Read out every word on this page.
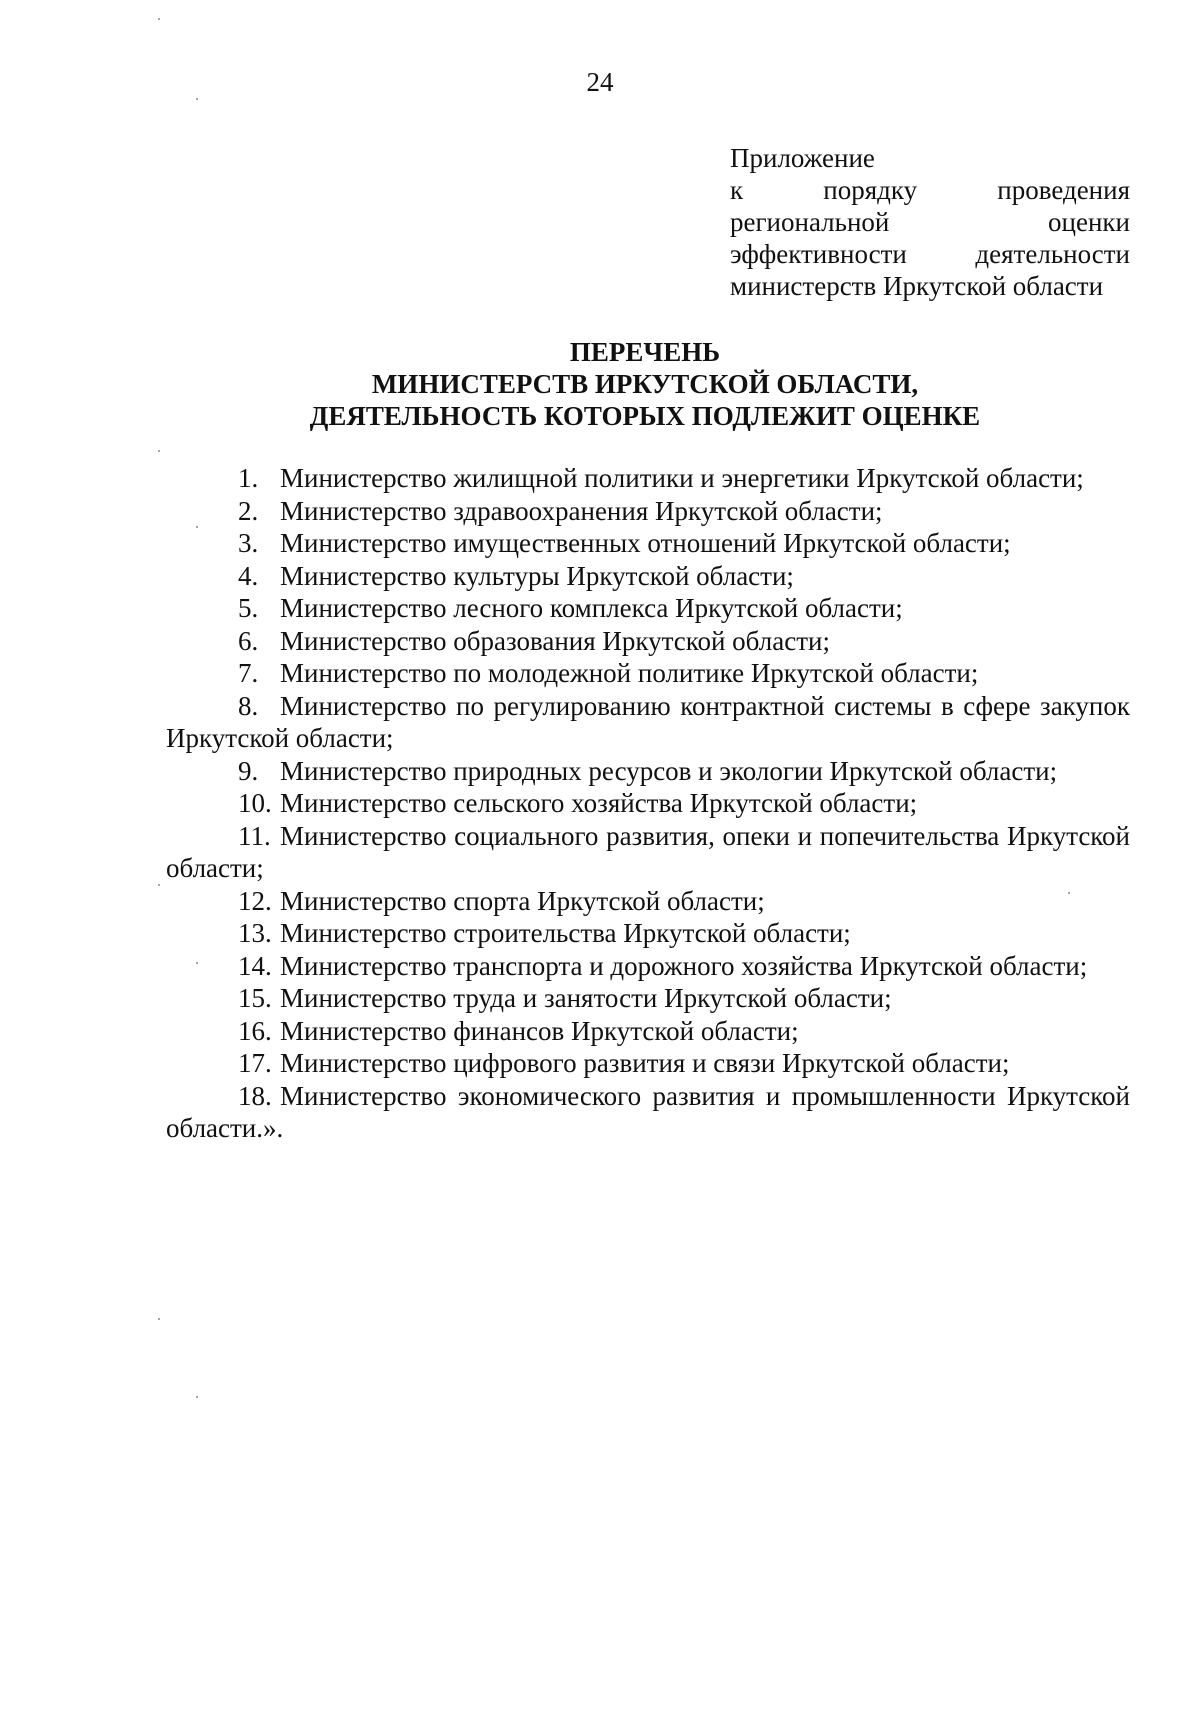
24
Приложение
к порядку проведения
региональной оценки
эффективности деятельности
министерств Иркутской области
ПЕРЕЧЕНЬ
МИНИСТЕРСТВ ИРКУТСКОЙ ОБЛАСТИ,
ДЕЯТЕЛЬНОСТЬ КОТОРЫХ ПОДЛЕЖИТ ОЦЕНКЕ
1. Министерство жилищной политики и энергетики Иркутской области;
2. Министерство здравоохранения Иркутской области;
3. Министерство имущественных отношений Иркутской области;
4. Министерство культуры Иркутской области;
5. Министерство лесного комплекса Иркутской области;
6. Министерство образования Иркутской области;
7. Министерство по молодежной политике Иркутской области;
8. Министерство по регулированию контрактной системы в сфере закупок Иркутской области;
9. Министерство природных ресурсов и экологии Иркутской области;
10. Министерство сельского хозяйства Иркутской области;
11. Министерство социального развития, опеки и попечительства Иркутской области;
12. Министерство спорта Иркутской области;
13. Министерство строительства Иркутской области;
14. Министерство транспорта и дорожного хозяйства Иркутской области;
15. Министерство труда и занятости Иркутской области;
16. Министерство финансов Иркутской области;
17. Министерство цифрового развития и связи Иркутской области;
18. Министерство экономического развития и промышленности Иркутской области.».
